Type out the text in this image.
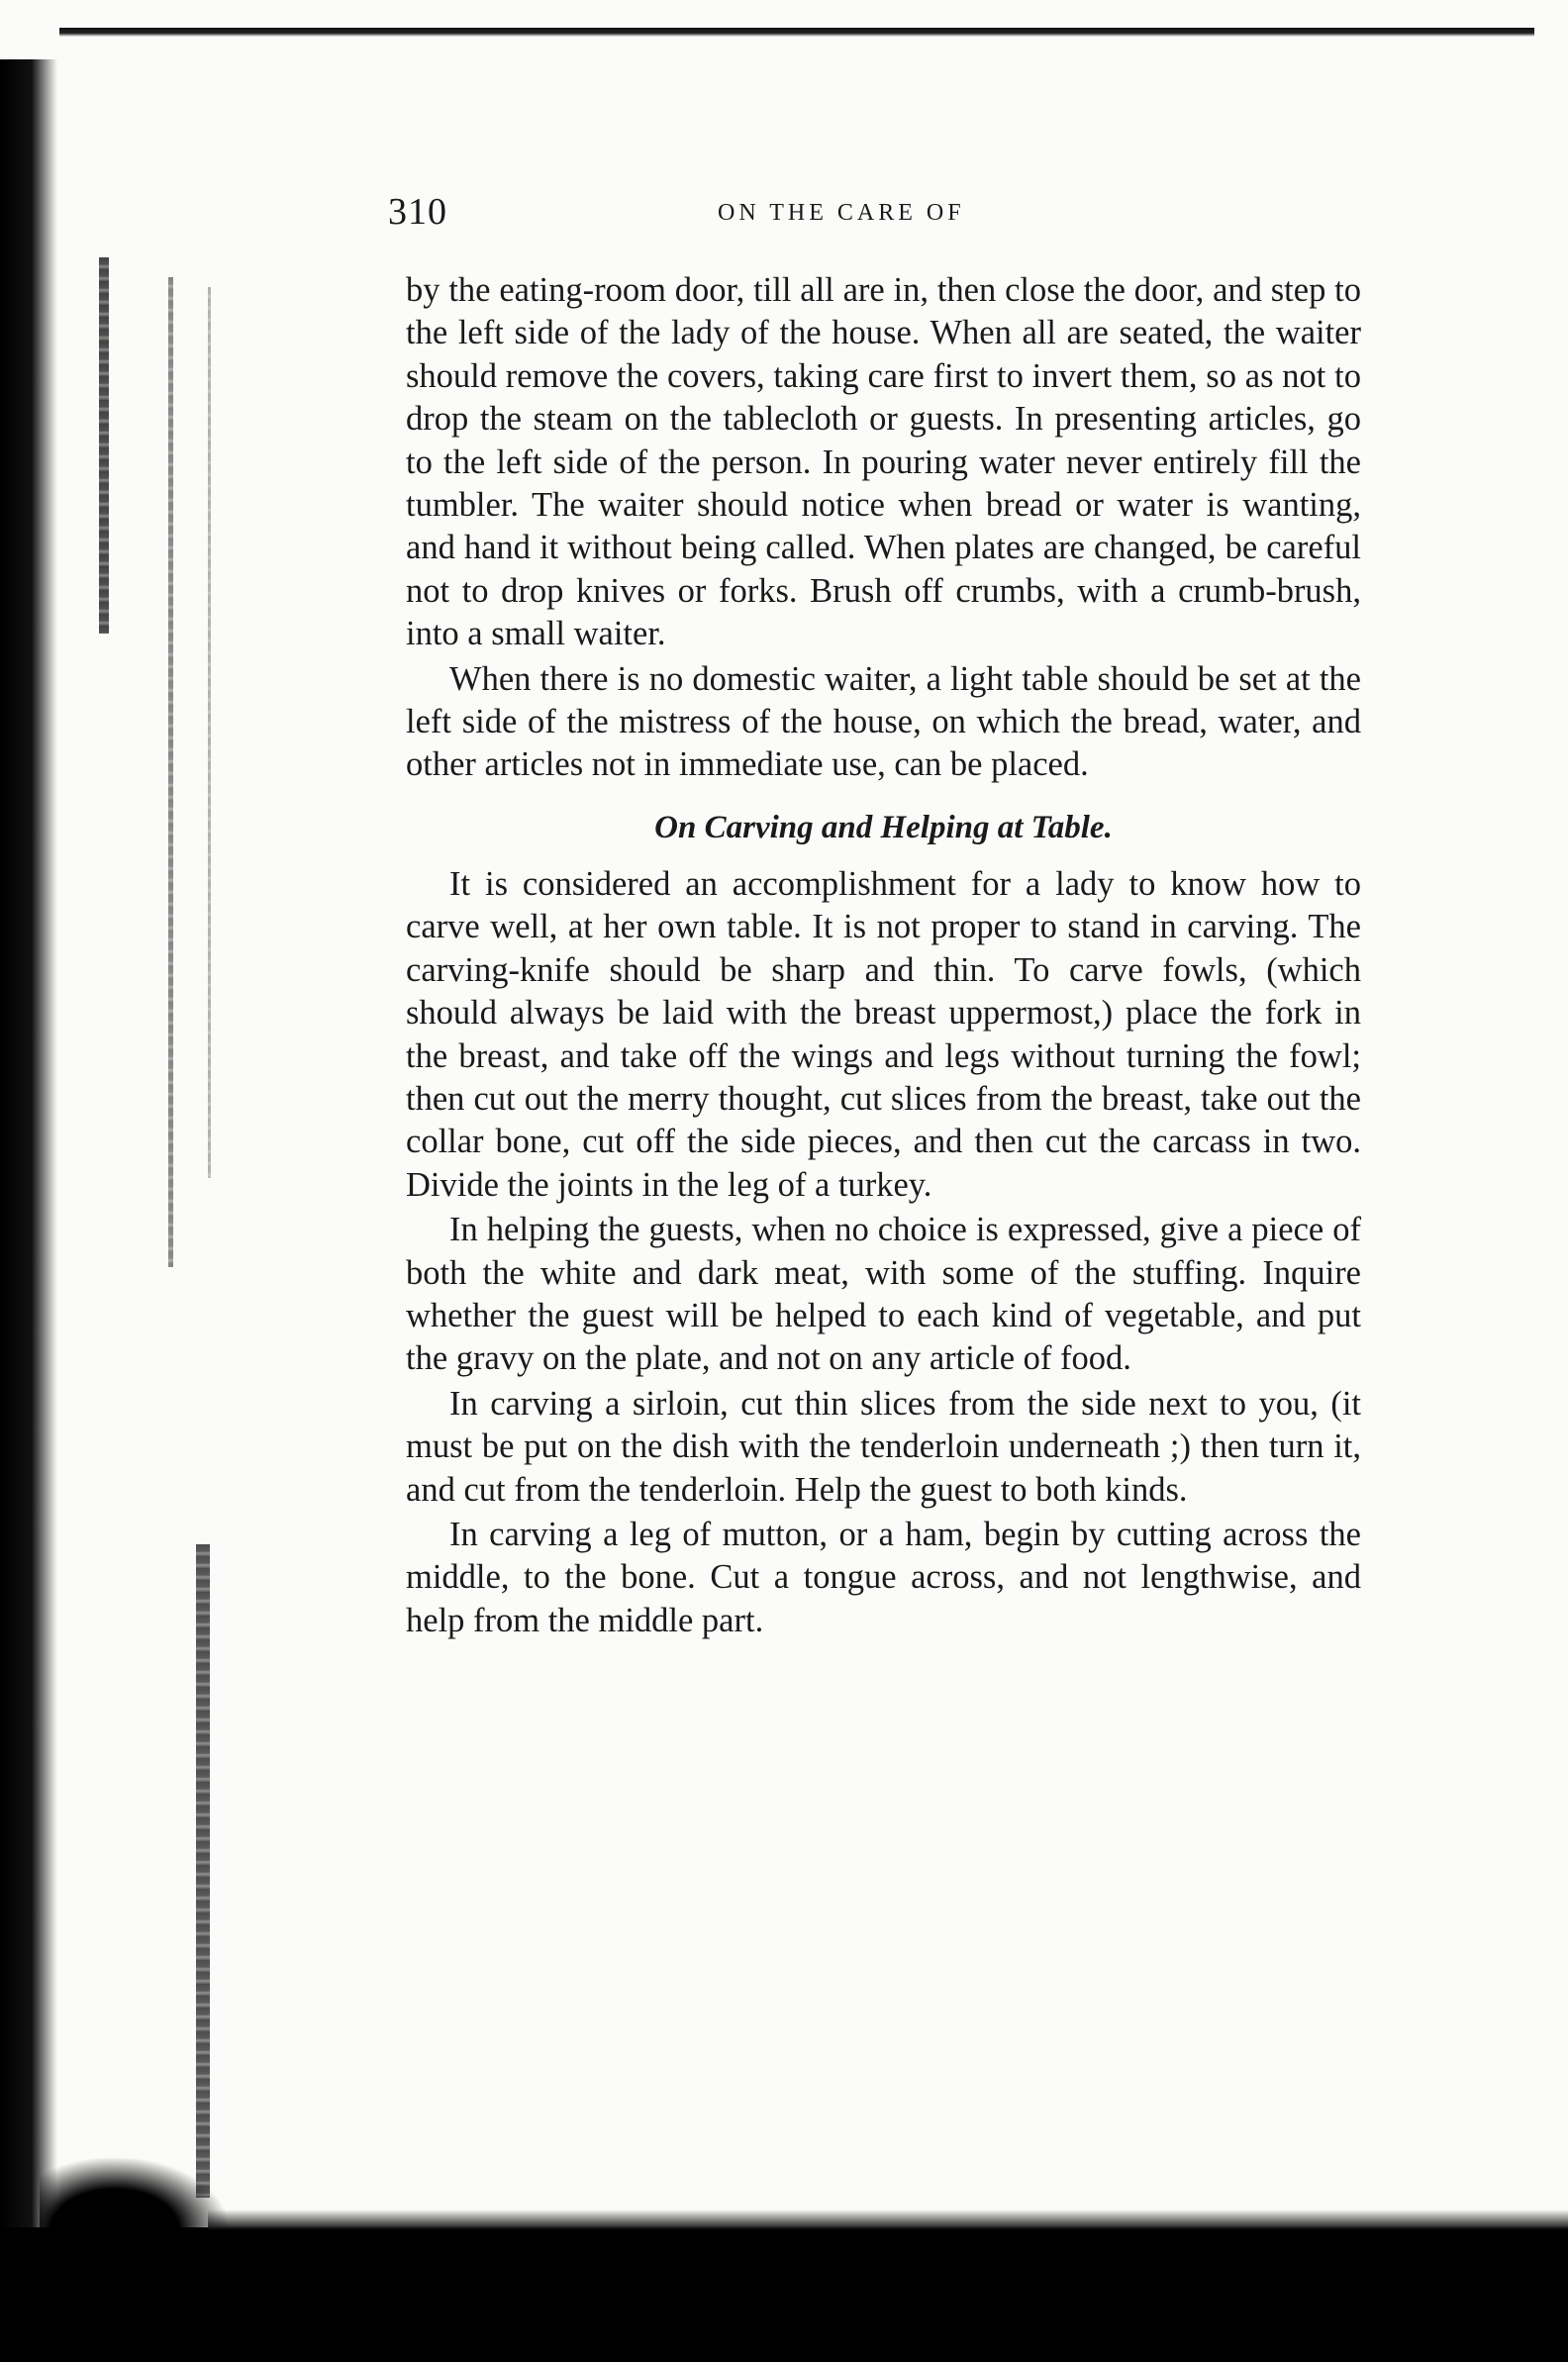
310	ON THE CARE OF

by the eating-room door, till all are in, then close the door, and step to the left side of the lady of the house. When all are seated, the waiter should remove the covers, taking care first to invert them, so as not to drop the steam on the tablecloth or guests. In presenting articles, go to the left side of the person. In pouring water never entirely fill the tumbler. The waiter should notice when bread or water is wanting, and hand it without being called. When plates are changed, be careful not to drop knives or forks. Brush off crumbs, with a crumb-brush, into a small waiter.

When there is no domestic waiter, a light table should be set at the left side of the mistress of the house, on which the bread, water, and other articles not in immediate use, can be placed.

On Carving and Helping at Table.

It is considered an accomplishment for a lady to know how to carve well, at her own table. It is not proper to stand in carving. The carving-knife should be sharp and thin. To carve fowls, (which should always be laid with the breast uppermost,) place the fork in the breast, and take off the wings and legs without turning the fowl; then cut out the merry thought, cut slices from the breast, take out the collar bone, cut off the side pieces, and then cut the carcass in two. Divide the joints in the leg of a turkey.

In helping the guests, when no choice is expressed, give a piece of both the white and dark meat, with some of the stuffing. Inquire whether the guest will be helped to each kind of vegetable, and put the gravy on the plate, and not on any article of food.

In carving a sirloin, cut thin slices from the side next to you, (it must be put on the dish with the tenderloin underneath ;) then turn it, and cut from the tenderloin. Help the guest to both kinds.

In carving a leg of mutton, or a ham, begin by cutting across the middle, to the bone. Cut a tongue across, and not lengthwise, and help from the middle part.
